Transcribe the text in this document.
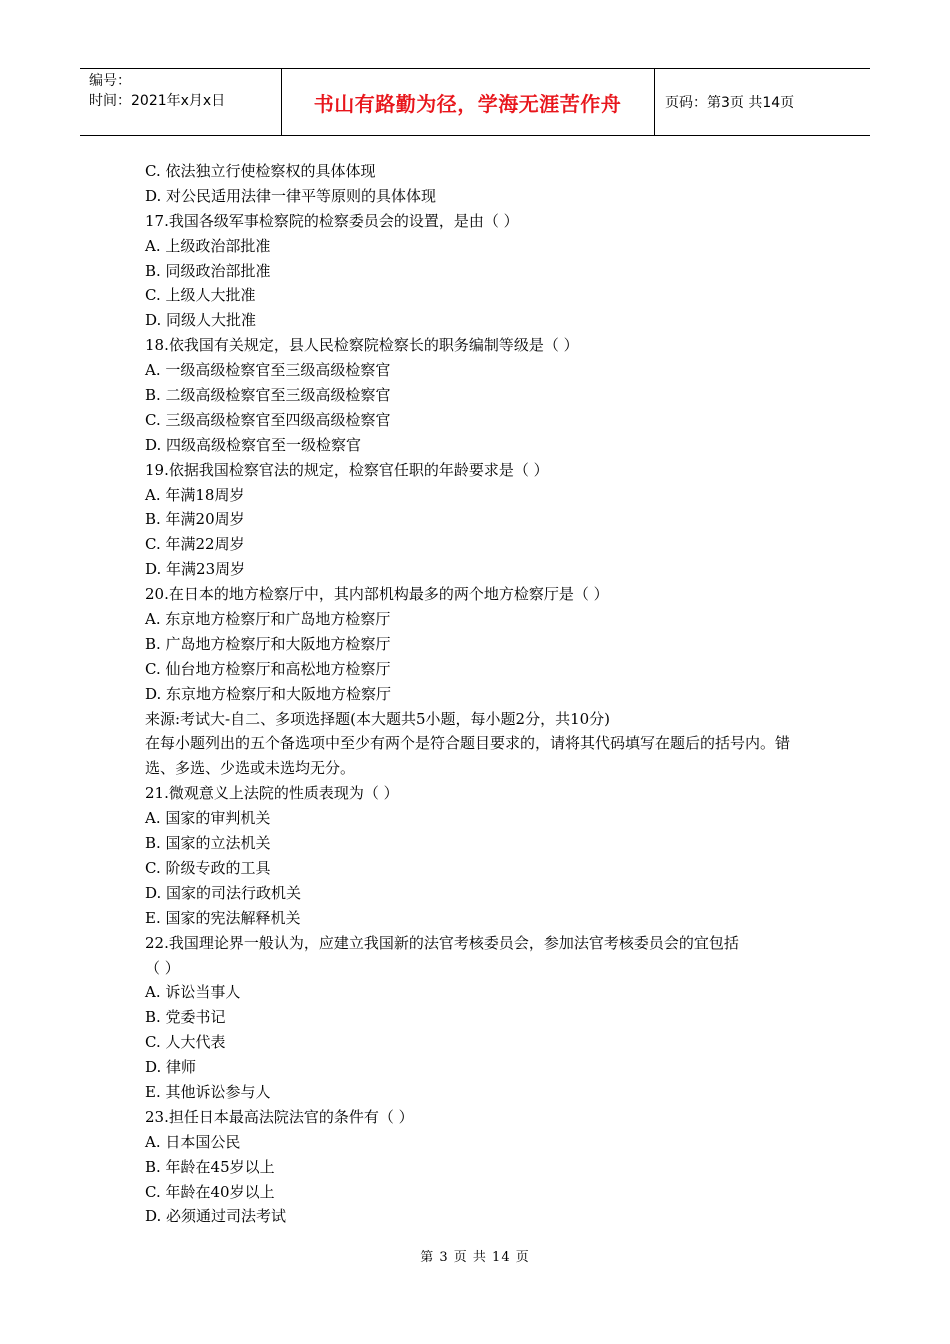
编号：
时间：2021年x月x日	书山有路勤为径，学海无涯苦作舟	页码：第3页 共14页
C. 依法独立行使检察权的具体体现
D. 对公民适用法律一律平等原则的具体体现
17.我国各级军事检察院的检察委员会的设置，是由（ ）
A. 上级政治部批准
B. 同级政治部批准
C. 上级人大批准
D. 同级人大批准
18.依我国有关规定，县人民检察院检察长的职务编制等级是（ ）
A. 一级高级检察官至三级高级检察官
B. 二级高级检察官至三级高级检察官
C. 三级高级检察官至四级高级检察官
D. 四级高级检察官至一级检察官
19.依据我国检察官法的规定，检察官任职的年龄要求是（ ）
A. 年满18周岁
B. 年满20周岁
C. 年满22周岁
D. 年满23周岁
20.在日本的地方检察厅中，其内部机构最多的两个地方检察厅是（ ）
A. 东京地方检察厅和广岛地方检察厅
B. 广岛地方检察厅和大阪地方检察厅
C. 仙台地方检察厅和高松地方检察厅
D. 东京地方检察厅和大阪地方检察厅
来源:考试大-自二、多项选择题(本大题共5小题，每小题2分，共10分)
在每小题列出的五个备选项中至少有两个是符合题目要求的，请将其代码填写在题后的括号内。错选、多选、少选或未选均无分。
21.微观意义上法院的性质表现为（ ）
A. 国家的审判机关
B. 国家的立法机关
C. 阶级专政的工具
D. 国家的司法行政机关
E. 国家的宪法解释机关
22.我国理论界一般认为，应建立我国新的法官考核委员会，参加法官考核委员会的宜包括
（ ）
A. 诉讼当事人
B. 党委书记
C. 人大代表
D. 律师
E. 其他诉讼参与人
23.担任日本最高法院法官的条件有（ ）
A. 日本国公民
B. 年龄在45岁以上
C. 年龄在40岁以上
D. 必须通过司法考试
第 3 页 共 14 页
